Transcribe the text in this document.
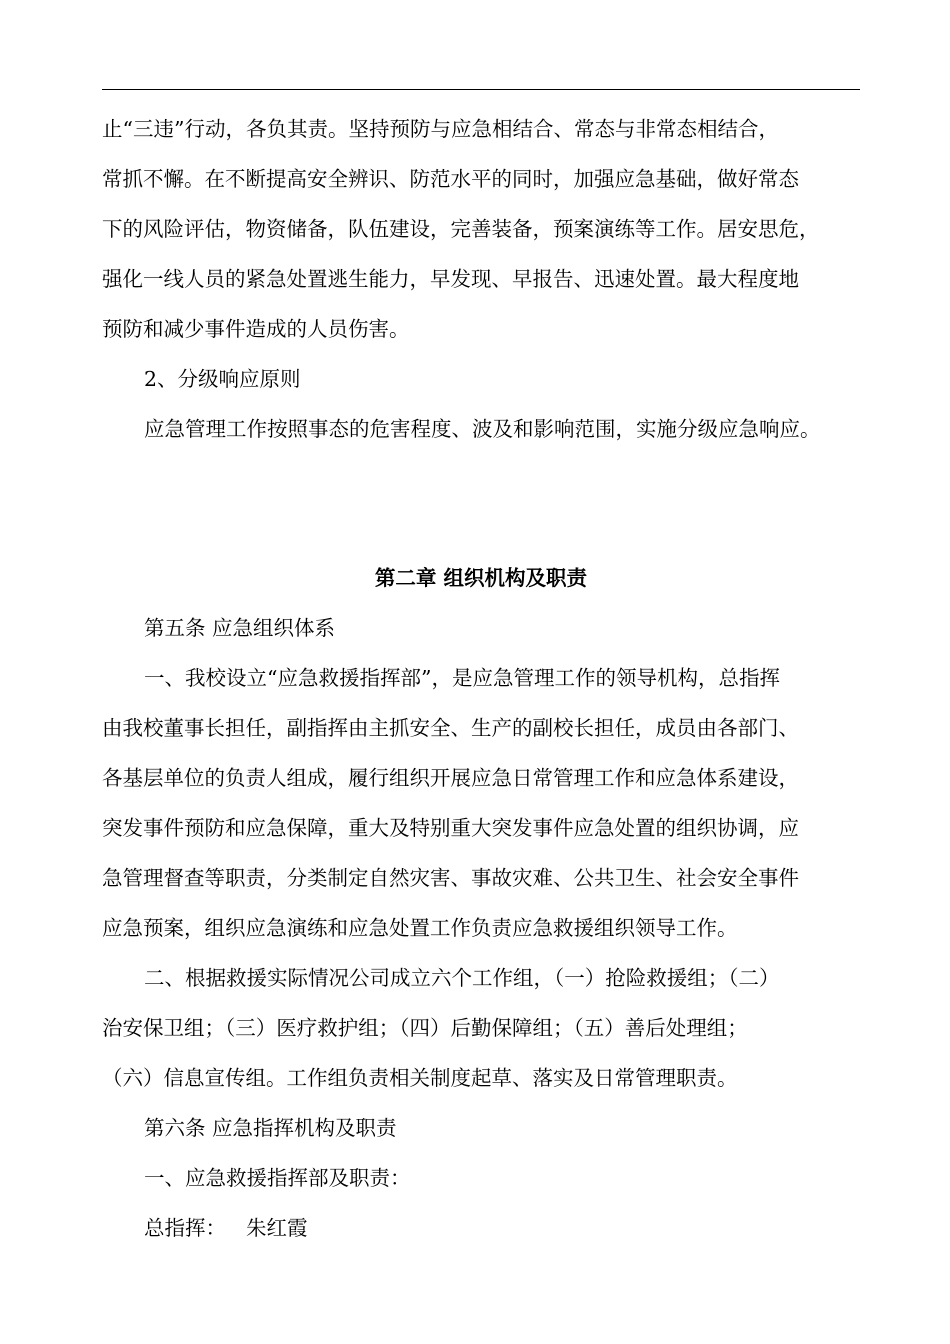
止“三违”行动，各负其责。坚持预防与应急相结合、常态与非常态相结合，
常抓不懈。在不断提高安全辨识、防范水平的同时，加强应急基础，做好常态
下的风险评估，物资储备，队伍建设，完善装备，预案演练等工作。居安思危，
强化一线人员的紧急处置逃生能力，早发现、早报告、迅速处置。最大程度地
预防和减少事件造成的人员伤害。
2、分级响应原则
应急管理工作按照事态的危害程度、波及和影响范围，实施分级应急响应。
第二章 组织机构及职责
第五条 应急组织体系
一、我校设立“应急救援指挥部”，是应急管理工作的领导机构，总指挥
由我校董事长担任，副指挥由主抓安全、生产的副校长担任，成员由各部门、
各基层单位的负责人组成，履行组织开展应急日常管理工作和应急体系建设，
突发事件预防和应急保障，重大及特别重大突发事件应急处置的组织协调，应
急管理督查等职责，分类制定自然灾害、事故灾难、公共卫生、社会安全事件
应急预案，组织应急演练和应急处置工作负责应急救援组织领导工作。
二、根据救援实际情况公司成立六个工作组，（一）抢险救援组；（二）
治安保卫组；（三）医疗救护组；（四）后勤保障组；（五）善后处理组；
（六）信息宣传组。工作组负责相关制度起草、落实及日常管理职责。
第六条 应急指挥机构及职责
一、应急救援指挥部及职责：
总指挥： 朱红霞
